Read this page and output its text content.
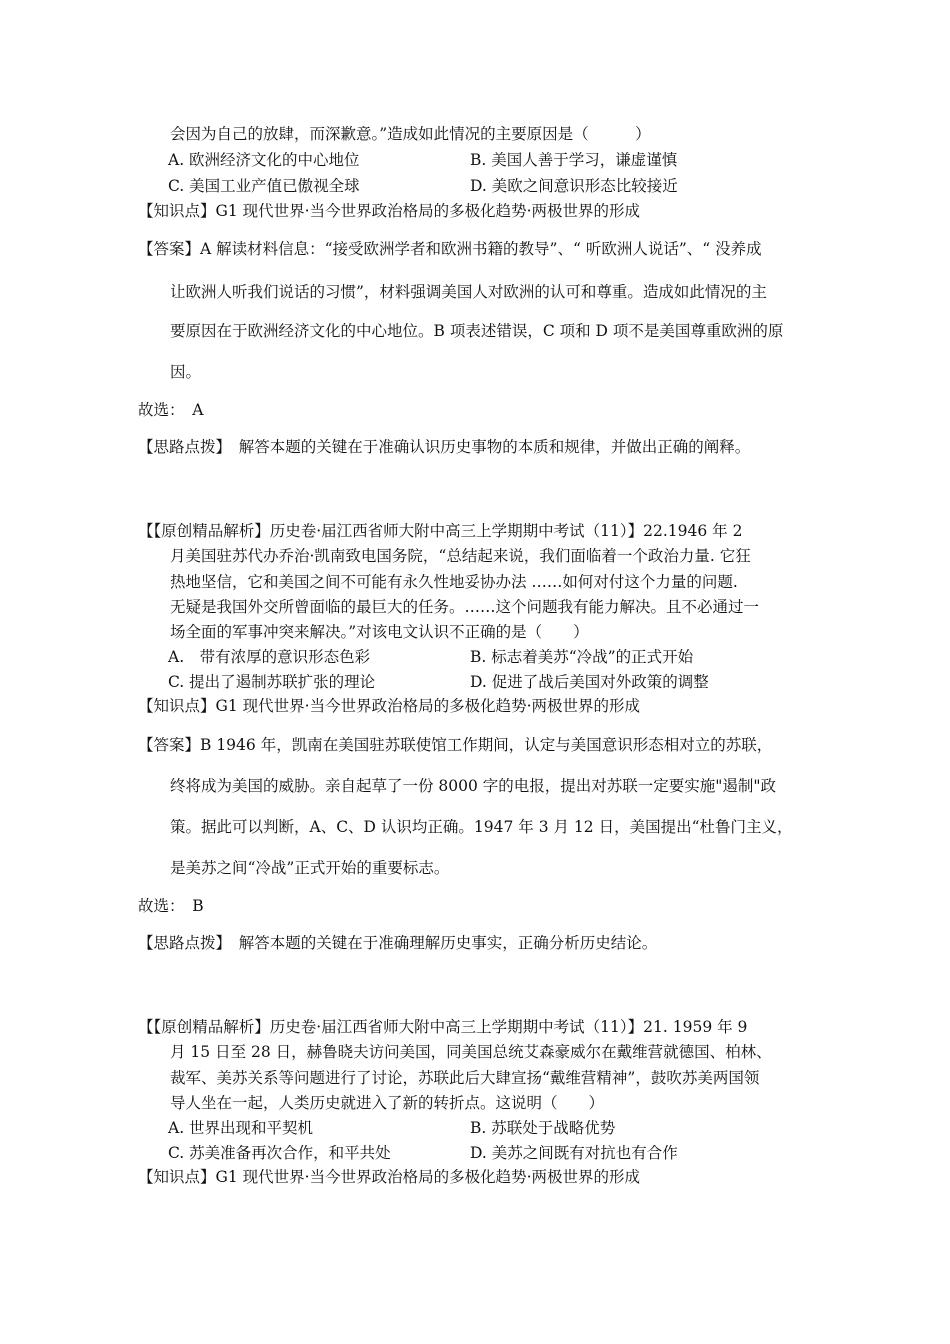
会因为自己的放肆，而深歉意。”造成如此情况的主要原因是（　　　）
A. 欧洲经济文化的中心地位	B. 美国人善于学习，谦虚谨慎
C. 美国工业产值已傲视全球	D. 美欧之间意识形态比较接近
【知识点】G1 现代世界·当今世界政治格局的多极化趋势·两极世界的形成
【答案】A 解读材料信息：“接受欧洲学者和欧洲书籍的教导”、“ 听欧洲人说话”、“ 没养成
让欧洲人听我们说话的习惯”，材料强调美国人对欧洲的认可和尊重。造成如此情况的主
要原因在于欧洲经济文化的中心地位。B 项表述错误，C 项和 D 项不是美国尊重欧洲的原
因。
故选：　A
【思路点拨】　解答本题的关键在于准确认识历史事物的本质和规律，并做出正确的阐释。
【【原创精品解析】历史卷·届江西省师大附中高三上学期期中考试（11）】22.1946 年 2
月美国驻苏代办乔治·凯南致电国务院，“总结起来说，我们面临着一个政治力量. 它狂
热地坚信，它和美国之间不可能有永久性地妥协办法 ……如何对付这个力量的问题.
无疑是我国外交所曾面临的最巨大的任务。……这个问题我有能力解决。且不必通过一
场全面的军事冲突来解决。”对该电文认识不正确的是（　　）
A.　带有浓厚的意识形态色彩	B. 标志着美苏“冷战”的正式开始
C. 提出了遏制苏联扩张的理论	D. 促进了战后美国对外政策的调整
【知识点】G1 现代世界·当今世界政治格局的多极化趋势·两极世界的形成
【答案】B 1946 年，凯南在美国驻苏联使馆工作期间，认定与美国意识形态相对立的苏联，
终将成为美国的威胁。亲自起草了一份 8000 字的电报，提出对苏联一定要实施"遏制"政
策。据此可以判断，A、C、D 认识均正确。1947 年 3 月 12 日，美国提出“杜鲁门主义，
是美苏之间“冷战”正式开始的重要标志。
故选：　B
【思路点拨】　解答本题的关键在于准确理解历史事实，正确分析历史结论。
【【原创精品解析】历史卷·届江西省师大附中高三上学期期中考试（11）】21. 1959 年 9
月 15 日至 28 日，赫鲁晓夫访问美国，同美国总统艾森豪威尔在戴维营就德国、柏林、
裁军、美苏关系等问题进行了讨论，苏联此后大肆宣扬“戴维营精神”，鼓吹苏美两国领
导人坐在一起，人类历史就进入了新的转折点。这说明（　　）
A. 世界出现和平契机	B. 苏联处于战略优势
C. 苏美准备再次合作，和平共处	D. 美苏之间既有对抗也有合作
【知识点】G1 现代世界·当今世界政治格局的多极化趋势·两极世界的形成
